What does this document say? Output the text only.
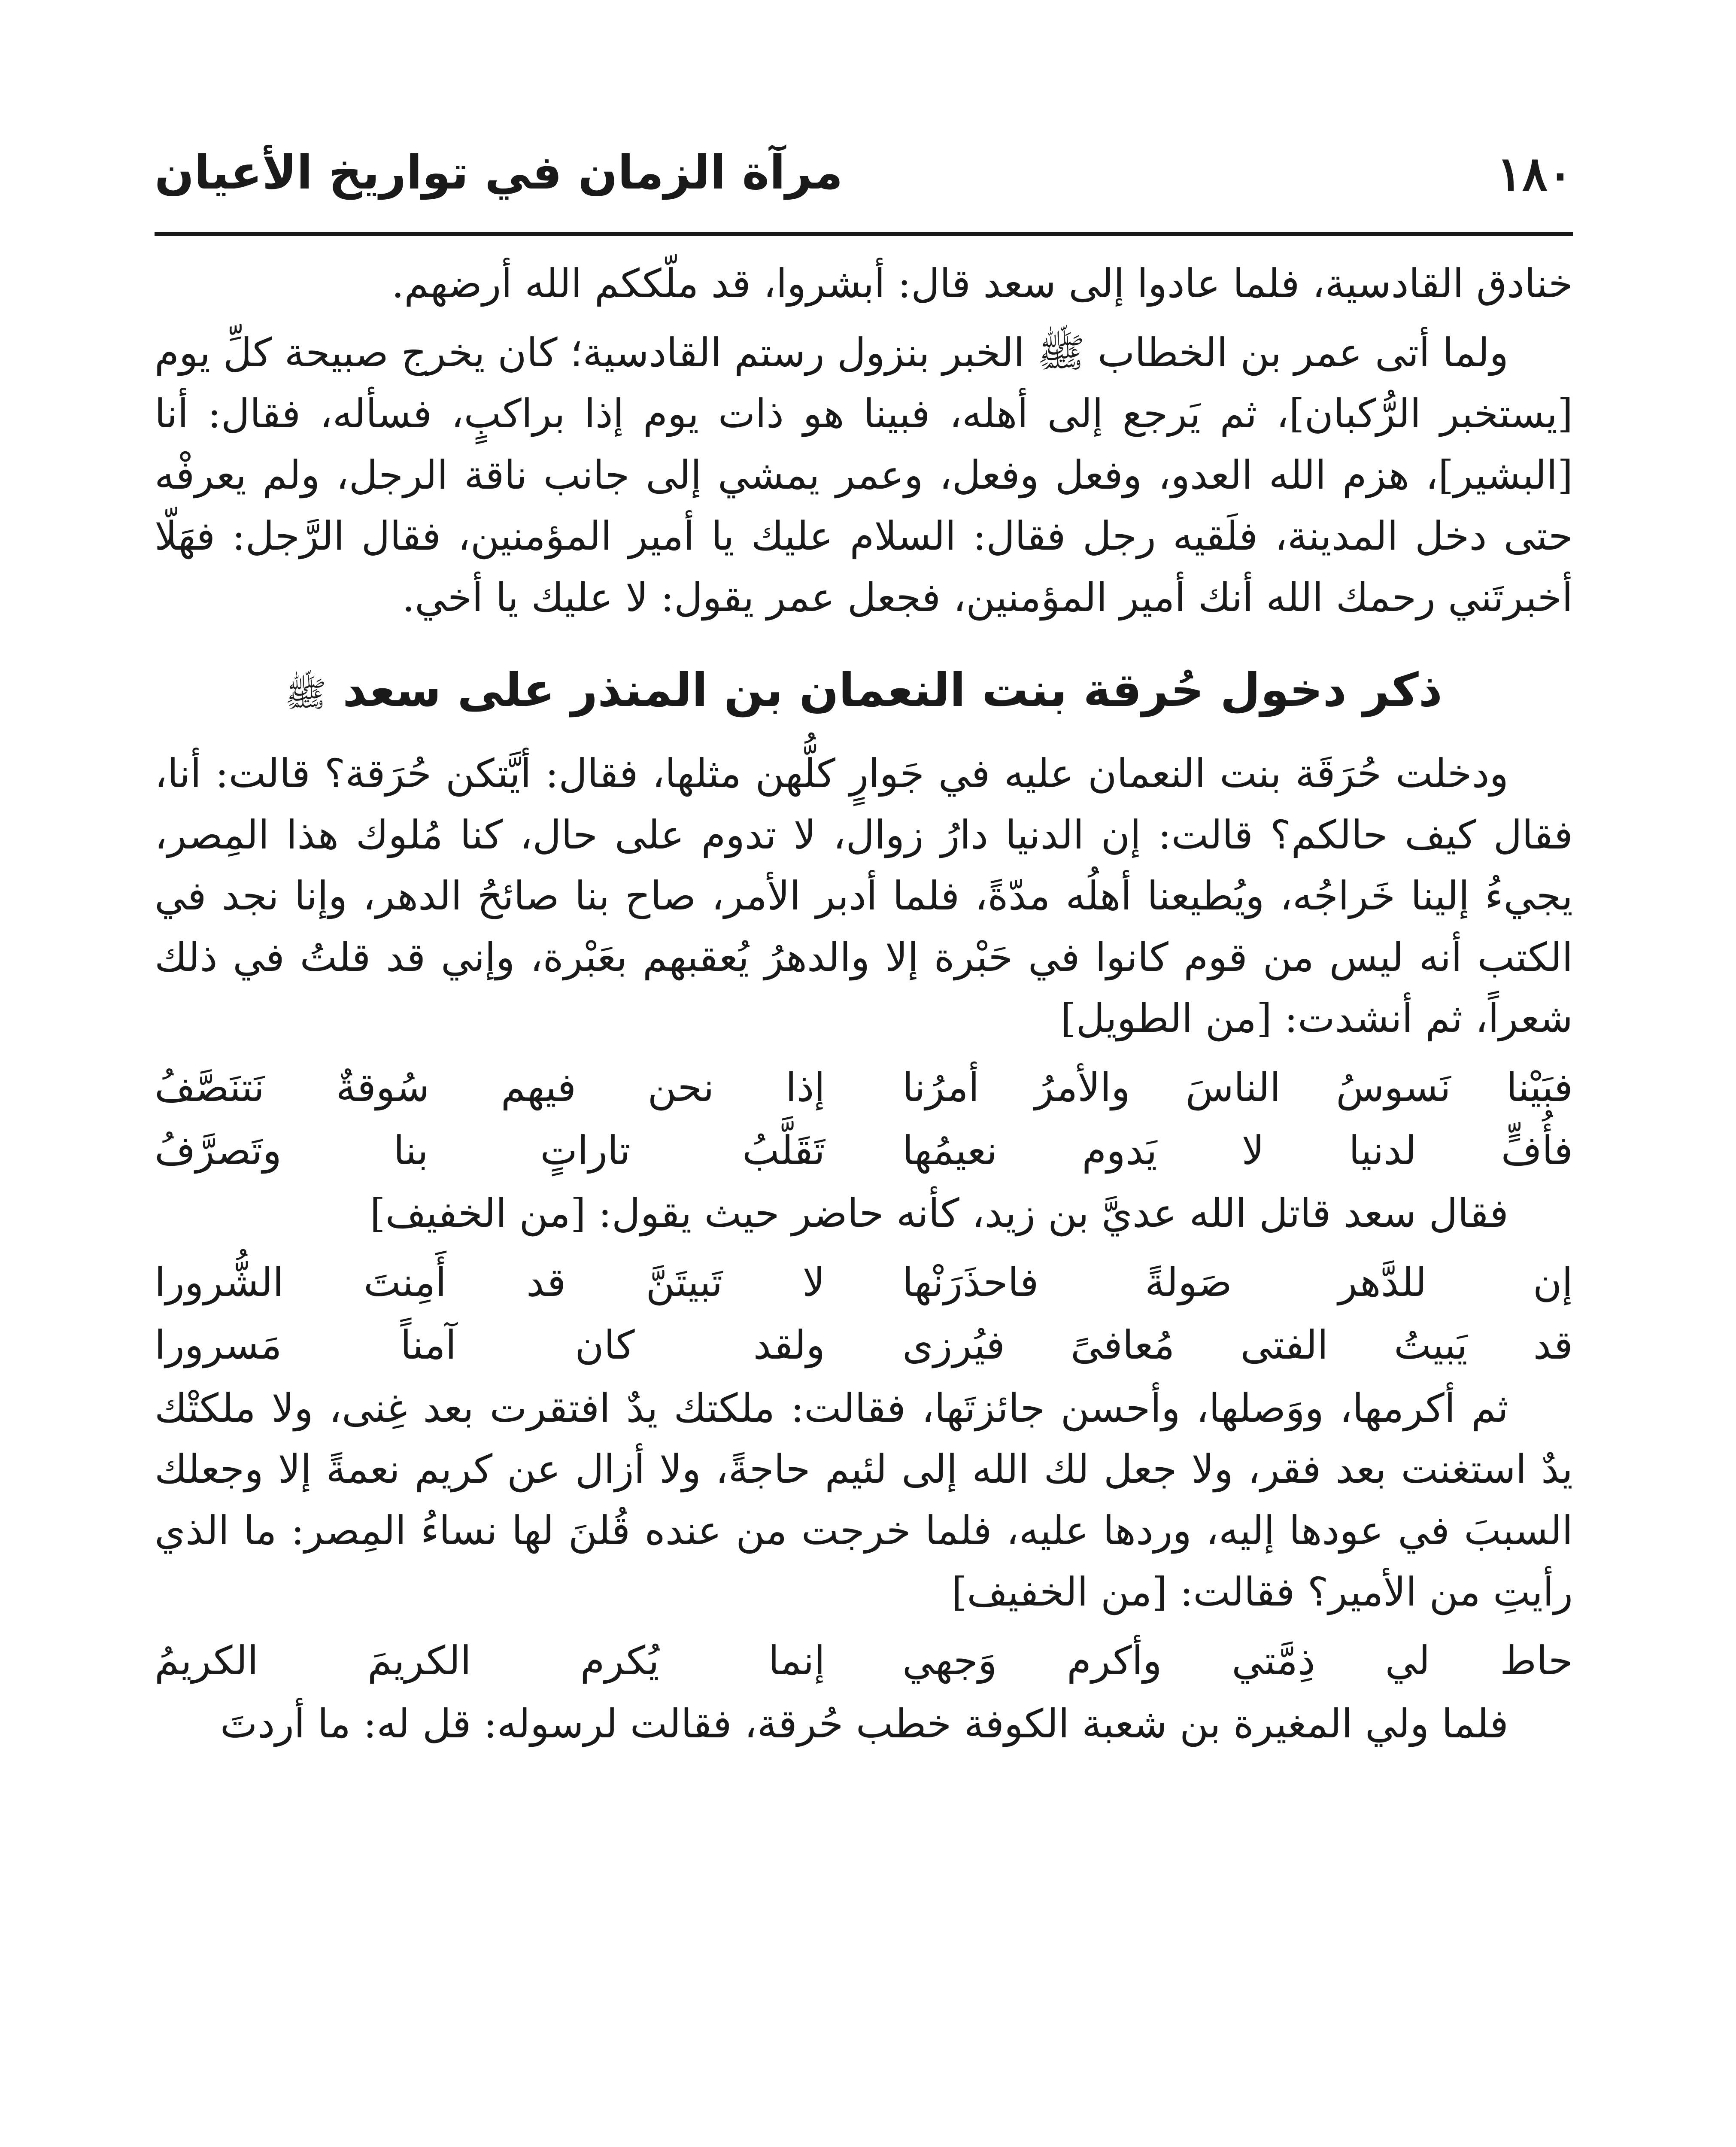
١٨٠
مرآة الزمان في تواريخ الأعيان

خنادق القادسية، فلما عادوا إلى سعد قال: أبشروا، قد ملّككم الله أرضهم.

ولما أتى عمر بن الخطاب ﷺ الخبر بنزول رستم القادسية؛ كان يخرج صبيحة كلِّ يوم [يستخبر الرُّكبان]، ثم يَرجع إلى أهله، فبينا هو ذات يوم إذا براكبٍ، فسأله، فقال: أنا [البشير]، هزم الله العدو، وفعل وفعل، وعمر يمشي إلى جانب ناقة الرجل، ولم يعرفْه حتى دخل المدينة، فلَقيه رجل فقال: السلام عليك يا أمير المؤمنين، فقال الرَّجل: فهَلّا أخبرتَني رحمك الله أنك أمير المؤمنين، فجعل عمر يقول: لا عليك يا أخي.

ذكر دخول حُرقة بنت النعمان بن المنذر على سعد ﷺ

ودخلت حُرَقَة بنت النعمان عليه في جَوارٍ كلُّهن مثلها، فقال: أيَّتكن حُرَقة؟ قالت: أنا، فقال كيف حالكم؟ قالت: إن الدنيا دارُ زوال، لا تدوم على حال، كنا مُلوك هذا المِصر، يجيءُ إلينا خَراجُه، ويُطيعنا أهلُه مدّةً، فلما أدبر الأمر، صاح بنا صائحُ الدهر، وإنا نجد في الكتب أنه ليس من قوم كانوا في حَبْرة إلا والدهرُ يُعقبهم بعَبْرة، وإني قد قلتُ في ذلك شعراً، ثم أنشدت: [من الطويل]

فبَيْنا نَسوسُ الناسَ والأمرُ أمرُنا
إذا نحن فيهم سُوقةٌ نَتنَصَّفُ
فأُفٍّ لدنيا لا يَدوم نعيمُها
تَقَلَّبُ تاراتٍ بنا وتَصرَّفُ

فقال سعد قاتل الله عديَّ بن زيد، كأنه حاضر حيث يقول: [من الخفيف]

إن للدَّهر صَولةً فاحذَرَنْها
لا تَبيتَنَّ قد أَمِنتَ الشُّرورا
قد يَبيتُ الفتى مُعافىً فيُرزى
ولقد كان آمناً مَسرورا

ثم أكرمها، ووَصلها، وأحسن جائزتَها، فقالت: ملكتك يدٌ افتقرت بعد غِنى، ولا ملكتْك يدٌ استغنت بعد فقر، ولا جعل لك الله إلى لئيم حاجةً، ولا أزال عن كريم نعمةً إلا وجعلك السببَ في عودها إليه، وردها عليه، فلما خرجت من عنده قُلنَ لها نساءُ المِصر: ما الذي رأيتِ من الأمير؟ فقالت: [من الخفيف]

حاط لي ذِمَّتي وأكرم وَجهي
إنما يُكرم الكريمَ الكريمُ

فلما ولي المغيرة بن شعبة الكوفة خطب حُرقة، فقالت لرسوله: قل له: ما أردتَ
